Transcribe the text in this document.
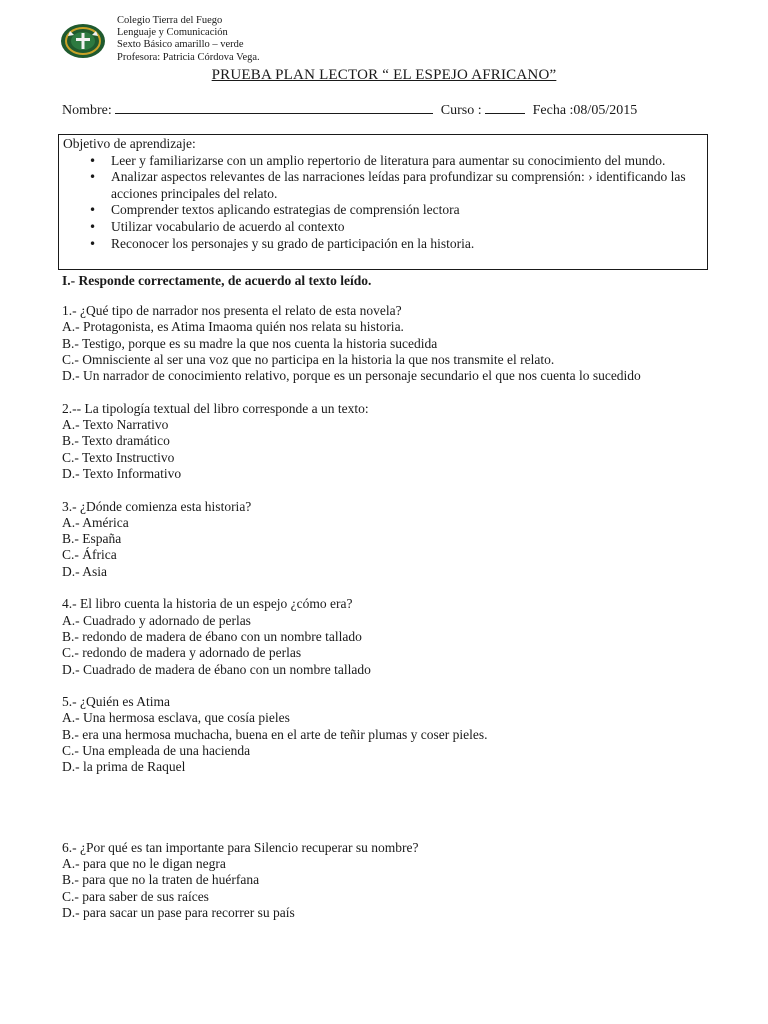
Colegio Tierra del Fuego
Lenguaje y Comunicación
Sexto Básico amarillo – verde
Profesora: Patricia Córdova Vega.
PRUEBA PLAN LECTOR “ EL ESPEJO AFRICANO”
Nombre:	Curso :	Fecha :08/05/2015
Objetivo de aprendizaje:
• Leer y familiarizarse con un amplio repertorio de literatura para aumentar su conocimiento del mundo.
• Analizar aspectos relevantes de las narraciones leídas para profundizar su comprensión: › identificando las acciones principales del relato.
• Comprender textos aplicando estrategias de comprensión lectora
• Utilizar vocabulario de acuerdo al contexto
• Reconocer los personajes y su grado de participación en la historia.
I.- Responde correctamente, de acuerdo al texto leído.
1.- ¿Qué tipo de narrador nos presenta el relato de esta novela?
A.- Protagonista, es Atima Imaoma quién nos relata su historia.
B.- Testigo, porque es su madre la que nos cuenta la historia sucedida
C.- Omnisciente al ser una voz que no participa en la historia la que nos transmite el relato.
D.- Un narrador de conocimiento relativo, porque es un personaje secundario el que nos cuenta lo sucedido
2.-- La tipología textual del libro corresponde a un texto:
A.- Texto Narrativo
B.- Texto dramático
C.- Texto Instructivo
D.- Texto Informativo
3.- ¿Dónde comienza esta historia?
A.- América
B.- España
C.- África
D.- Asia
4.- El libro cuenta la historia de un espejo ¿cómo era?
A.- Cuadrado y adornado de perlas
B.- redondo de madera de ébano con un nombre tallado
C.- redondo de madera y adornado de perlas
D.- Cuadrado de madera de ébano con un nombre tallado
5.- ¿Quién es Atima
A.- Una hermosa esclava, que cosía pieles
B.- era una hermosa muchacha, buena en el arte de teñir plumas y coser pieles.
C.- Una empleada de una hacienda
D.- la prima de Raquel
6.- ¿Por qué es tan importante para Silencio recuperar su nombre?
A.- para que no le digan negra
B.- para que no la traten de huérfana
C.- para saber de sus raíces
D.- para sacar un pase para recorrer su país
